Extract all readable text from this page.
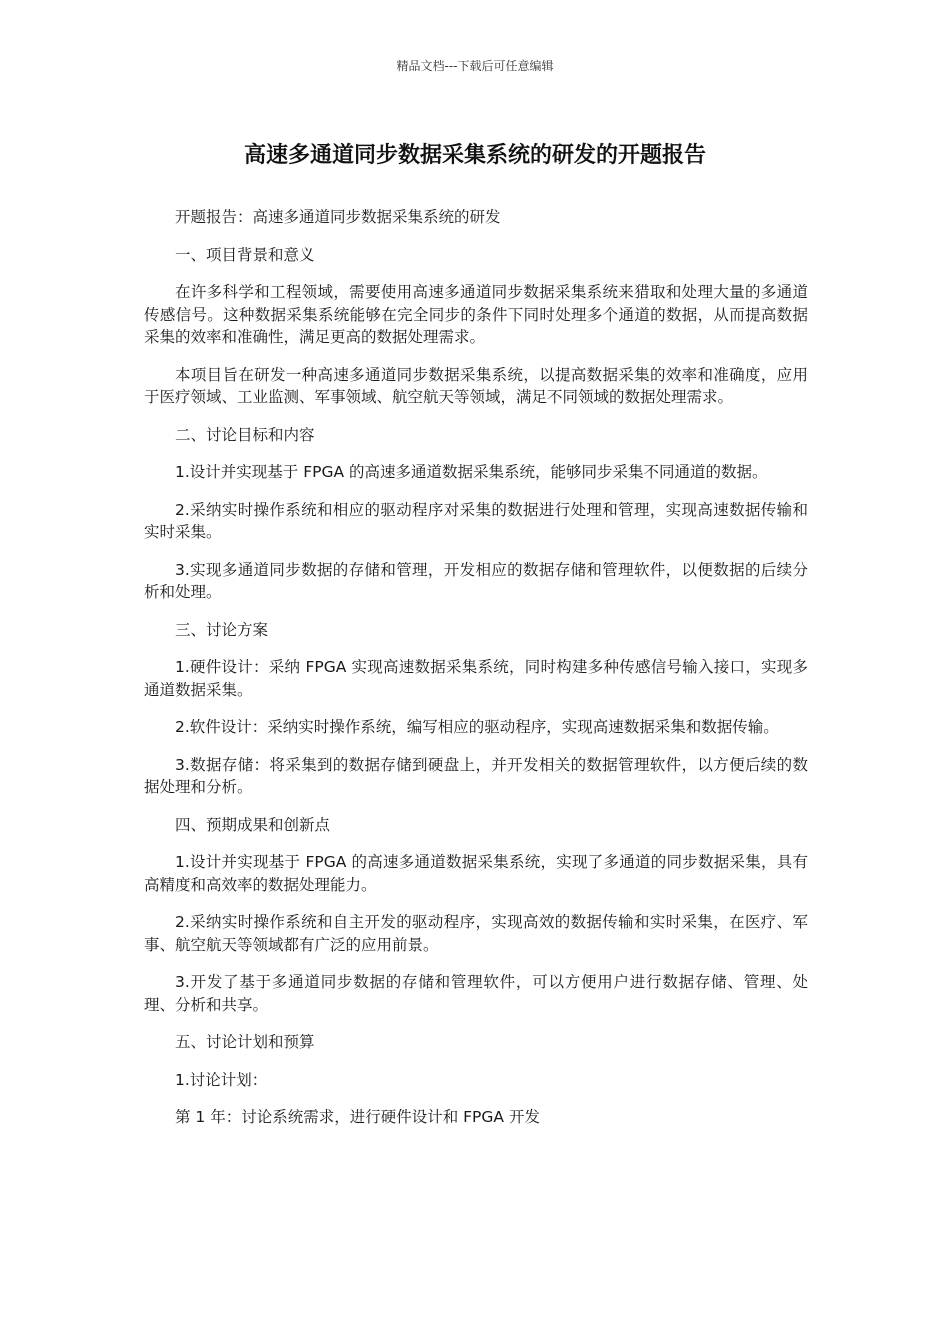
精品文档---下载后可任意编辑
高速多通道同步数据采集系统的研发的开题报告

开题报告：高速多通道同步数据采集系统的研发

一、项目背景和意义

在许多科学和工程领域，需要使用高速多通道同步数据采集系统来猎取和处理大量的多通道传感信号。这种数据采集系统能够在完全同步的条件下同时处理多个通道的数据，从而提高数据采集的效率和准确性，满足更高的数据处理需求。

本项目旨在研发一种高速多通道同步数据采集系统，以提高数据采集的效率和准确度，应用于医疗领域、工业监测、军事领域、航空航天等领域，满足不同领域的数据处理需求。

二、讨论目标和内容

1.设计并实现基于 FPGA 的高速多通道数据采集系统，能够同步采集不同通道的数据。

2.采纳实时操作系统和相应的驱动程序对采集的数据进行处理和管理，实现高速数据传输和实时采集。

3.实现多通道同步数据的存储和管理，开发相应的数据存储和管理软件，以便数据的后续分析和处理。

三、讨论方案

1.硬件设计：采纳 FPGA 实现高速数据采集系统，同时构建多种传感信号输入接口，实现多通道数据采集。

2.软件设计：采纳实时操作系统，编写相应的驱动程序，实现高速数据采集和数据传输。

3.数据存储：将采集到的数据存储到硬盘上，并开发相关的数据管理软件，以方便后续的数据处理和分析。

四、预期成果和创新点

1.设计并实现基于 FPGA 的高速多通道数据采集系统，实现了多通道的同步数据采集，具有高精度和高效率的数据处理能力。

2.采纳实时操作系统和自主开发的驱动程序，实现高效的数据传输和实时采集，在医疗、军事、航空航天等领域都有广泛的应用前景。

3.开发了基于多通道同步数据的存储和管理软件，可以方便用户进行数据存储、管理、处理、分析和共享。

五、讨论计划和预算

1.讨论计划：

第 1 年：讨论系统需求，进行硬件设计和 FPGA 开发
